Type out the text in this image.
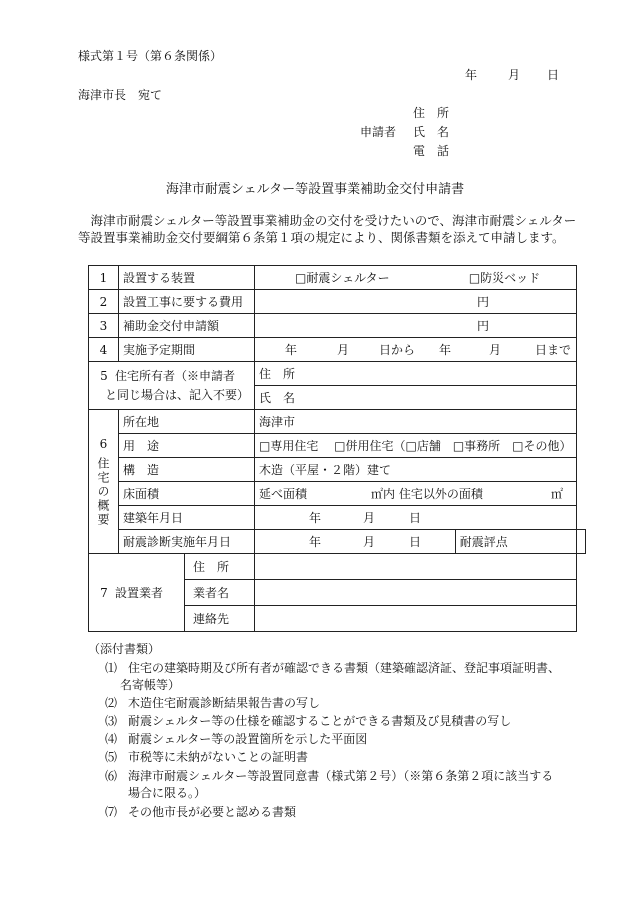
様式第１号（第６条関係）
年	月 日
海津市長　宛て
住　所
申請者 氏　名
電　話
海津市耐震シェルター等設置事業補助金交付申請書
海津市耐震シェルター等設置事業補助金の交付を受けたいので、海津市耐震シェルター等設置事業補助金交付要綱第６条第１項の規定により、関係書類を添えて申請します。
1	設置する装置		□耐震シェルター □防災ベッド		
2	設置工事に要する費用		円		
3	補助金交付申請額		円		
4	実施予定期間		年 月 日から 年 月 日まで		
5 住宅所有者（※申請者
と同じ場合は、記入不要）			住　所		
			氏　名		

6
住宅の概要	所在地		海津市		
	用　途		□専用住宅　 □併用住宅（□店舗　□事務所　□その他）		
	構　造		木造（平屋・２階）建て		
	床面積		延べ面積 ㎡内 住宅以外の面積 ㎡		
	建築年月日		年 月 日		
	耐震診断実施年月日		年 月 日	耐震評点	
7 設置業者		住　所			
		業者名			
		連絡先			
（添付書類）
⑴ 住宅の建築時期及び所有者が確認できる書類（建築確認済証、登記事項証明書、
名寄帳等）
⑵ 木造住宅耐震診断結果報告書の写し
⑶ 耐震シェルター等の仕様を確認することができる書類及び見積書の写し
⑷ 耐震シェルター等の設置箇所を示した平面図
⑸ 市税等に未納がないことの証明書
⑹ 海津市耐震シェルター等設置同意書（様式第２号）（※第６条第２項に該当する
場合に限る。）
⑺ その他市長が必要と認める書類
